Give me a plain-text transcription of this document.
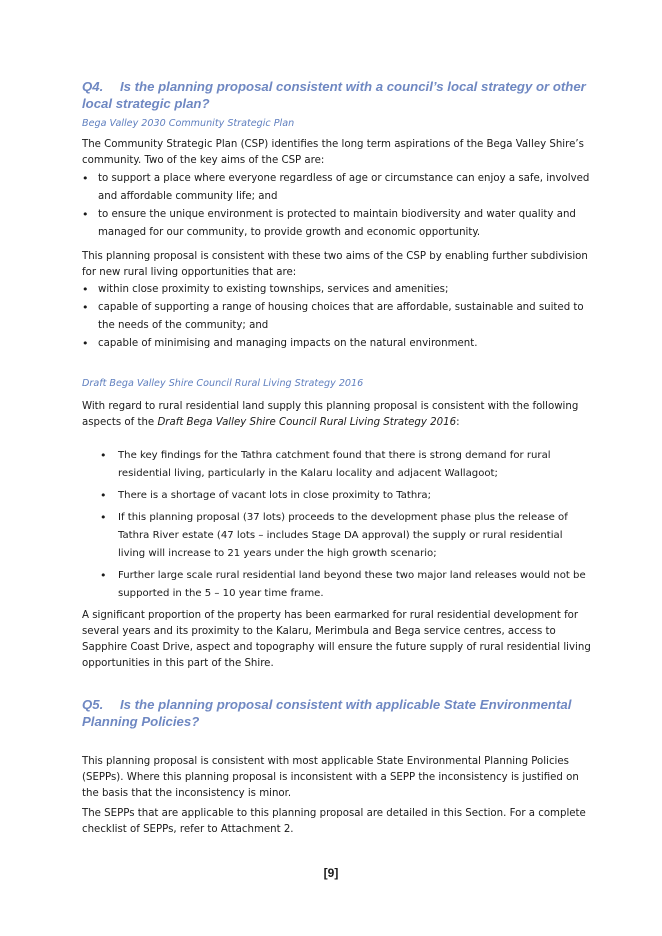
Q4. Is the planning proposal consistent with a council’s local strategy or other local strategic plan?
Bega Valley 2030 Community Strategic Plan
The Community Strategic Plan (CSP) identifies the long term aspirations of the Bega Valley Shire’s community. Two of the key aims of the CSP are:
• to support a place where everyone regardless of age or circumstance can enjoy a safe, involved and affordable community life; and
• to ensure the unique environment is protected to maintain biodiversity and water quality and managed for our community, to provide growth and economic opportunity.
This planning proposal is consistent with these two aims of the CSP by enabling further subdivision for new rural living opportunities that are:
• within close proximity to existing townships, services and amenities;
• capable of supporting a range of housing choices that are affordable, sustainable and suited to the needs of the community; and
• capable of minimising and managing impacts on the natural environment.
Draft Bega Valley Shire Council Rural Living Strategy 2016
With regard to rural residential land supply this planning proposal is consistent with the following aspects of the Draft Bega Valley Shire Council Rural Living Strategy 2016:
• The key findings for the Tathra catchment found that there is strong demand for rural residential living, particularly in the Kalaru locality and adjacent Wallagoot;
• There is a shortage of vacant lots in close proximity to Tathra;
• If this planning proposal (37 lots) proceeds to the development phase plus the release of Tathra River estate (47 lots – includes Stage DA approval) the supply or rural residential living will increase to 21 years under the high growth scenario;
• Further large scale rural residential land beyond these two major land releases would not be supported in the 5 – 10 year time frame.
A significant proportion of the property has been earmarked for rural residential development for several years and its proximity to the Kalaru, Merimbula and Bega service centres, access to Sapphire Coast Drive, aspect and topography will ensure the future supply of rural residential living opportunities in this part of the Shire.
Q5. Is the planning proposal consistent with applicable State Environmental Planning Policies?
This planning proposal is consistent with most applicable State Environmental Planning Policies (SEPPs). Where this planning proposal is inconsistent with a SEPP the inconsistency is justified on the basis that the inconsistency is minor.
The SEPPs that are applicable to this planning proposal are detailed in this Section. For a complete checklist of SEPPs, refer to Attachment 2.
[9]
